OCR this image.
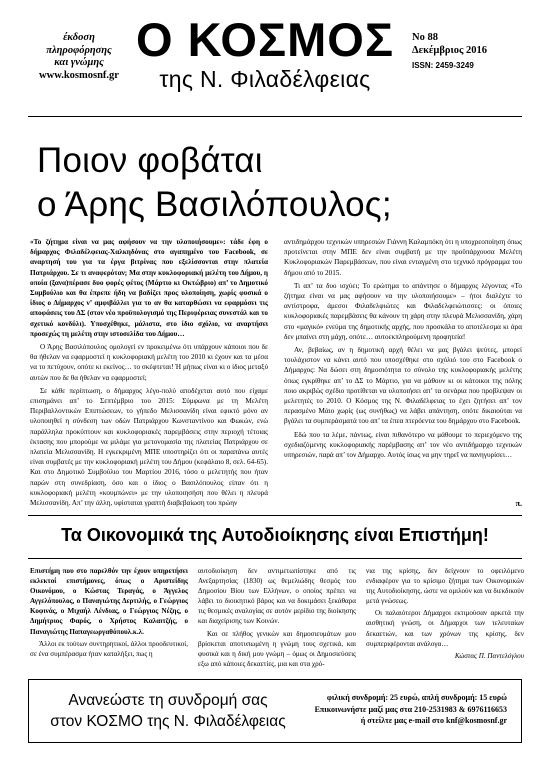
έκδοση
πληροφόρησης
και γνώμης
www.kosmosnf.gr
Ο ΚΟΣΜΟΣ
της Ν. Φιλαδέλφειας
Νο 88
Δεκέμβριος 2016
ISSN: 2459-3249
Ποιον φοβάται
ο Άρης Βασιλόπουλος;

«Το ζήτημα είναι να μας αφήσουν να την υλοποιήσουμε»: τάδε έφη ο δήμαρχος Φιλαδέλφειας-Χαλκηδόνας στο αγαπημένο του Facebook, σε αναρτησή του για τα έργα βιτρίνας που εξελίσσονται στην πλατεία Πατριάρχου. Σε τι αναφερόταν; Μα στην κυκλοφοριακή μελέτη του Δήμου, η οποία (ξανα)πέρασε δυο φορές φέτος (Μάρτιο κι Οκτώβριο) απ’ το Δημοτικό Συμβούλιο και θα έπρεπε ήδη να βαδίζει προς υλοποίηση, χωρίς φυσικά ο ίδιος ο Δήμαρχος ν’ αμφιβάλλει για το αν θα καταρθώσει να εφαρμόσει τις αποφάσεις του ΔΣ (στον νέο προϋπολογισμό της Περιφέρειας συνεστάλ και το σχετικό κονδύλι). Υποσχέθηκε, μάλιστα, στο ίδιο σχόλιο, να αναρτήσει προσεχώς τη μελέτη στην ιστοσελίδα του Δήμου…

Ο Άρης Βασιλόπουλος ομολογεί εν προκειμένω ότι υπάρχουν κάποιοι που δε θα ήθελαν να εφαρμοστεί η κυκλοφοριακή μελέτη του 2010 κι έχουν και τα μέσα να το πετύχουν, οπότε κι εκείνος… το σκέφτεται! Ή μήπως είναι κι ο ίδιος μεταξύ αυτών που δε θα ήθελαν να εφαρμοστεί;

Σε κάθε περίπτωση, ο δήμαρχος λέγο-πολύ αποδέχεται αυτό που είχαμε επισημάνει απ’ το Σεπτέμβριο του 2015: Σύμφωνα με τη Μελέτη Περιβαλλοντικών Επιπτώσεων, το γήπεδο Μελισσανίδη είναι εφικτό μόνο αν υλοποιηθεί η σύνδεση των οδών Πατριάρχου Κωνσταντίνου και Φωκών, ενώ παράλληλα προκύπτουν και κυκλοφοριακές παρεμβάσεις στην περιοχή τέτοιας έκτασης που μπορούμε να μιλάμε για μετονομασία της πλατείας Πατριάρχου σε πλατεία Μελισσανίδη. Η εγκεκριμένη ΜΠΕ υποστηρίζει ότι οι παραπάνω αυτές είναι συμβατές με την κυκλοφοριακή μελέτη του Δήμου (κεφάλαιο 8, σελ. 64-65). Και στο Δημοτικό Συμβούλιο του Μαρτίου 2016, τόσο ο μελετητής που ήταν παρών στη συνεδρίαση, όσο και ο ίδιος ο Βασιλόπουλος είπαν ότι η κυκλοφοριακή μελέτη «κουμπώνει» με την υλοποιησήση που θέλει η πλευρά Μελισσανίδη. Απ’ την άλλη, υφίσταται γραπτή διαβεβαίωση του πρώην

αντιδημάρχου τεχνικών υπηρεσιών Γιάννη Καλαμπόκη ότι η υποχρεοποίηση όπως προτείνεται στην ΜΠΕ δεν είναι συμβατή με την προϋπάρχουσα Μελέτη Κυκλοφοριακών Παρεμβάσεων, που είναι ενταγμένη στο τεχνικό πρόγραμμα του δήμου από το 2015.

Τι απ’ τα δυο ισχύει; Το ερώτημα το απάντησε ο δήμαρχος λέγοντας «Το ζήτημα είναι να μας αφήσουν να την υλοποιήσουμε» – ήτοι διαλέχτε το αντίστροφα, άμεσοι Φιλαδελφιώτες και Φιλαδελφειώτισσες: οι όποιες κυκλοφοριακές παρεμβάσεις θα κάνουν τη χάρη στην πλευρά Μελισσανίδη, χάρη στο «μαγικό» ενεύμα της δημοτικής αρχής, που προσκάλα το αποτέλεσμα κι άρα δεν μπαίνει στη μάχη, οπότε… αυτοεκπληρούμενη προφητεία!

Αν, βεβαίως, αν η δημοτική αρχή θέλει να μας βγάλει ψεύτες, μπορεί τουλάχιστον να κάνει αυτό που υποσχέθηκε στο σχόλιό του στο Facebook ο Δήμαρχος: Να δώσει στη δημοσιότητα το σύνολο της κυκλοφοριακής μελέτης όπως εγκρίθηκε απ’ το ΔΣ το Μάρτιο, για να μάθουν κι οι κάτοικοι της πόλης ποιο ακριβώς σχέδιο προτίθεται να υλοποιήσει απ’ τα σενάρια που προβλεψαν οι μελετητές το 2010. Ο Κόσμος της Ν. Φιλαδέλφειας το έχει ζητήσει απ’ τον περασμένο Μάιο χωρίς (ως συνήθως) να λάβει απάντηση, οπότε δικαιούται να βγάλει τα συμπεράσματά του απ’ τα έπεα πτερόεντα του δημάρχου στο Facebook.

Εδώ που τα λέμε, πάντως, είναι πιθανότερο να μάθουμε το περιεχόμενο της σχεδιαζόμενης κυκλοφοριακής παρέμβασης απ’ τον νέο αντιδήμαρχο τεχνικών υπηρεσιών, παρά απ’ τον Δήμαρχο. Αυτός ίσως να μην τηρεῖ να πανηγυρίσει…

π.
Τα Οικονομικά της Αυτοδιοίκησης είναι Επιστήμη!

Επιστήμη που στο παρελθόν την έχουν υπηρετήσει εκλεκτοί επιστήμονες, όπως ο Αριστείδης Οικονόμου, ο Κώστας Τεραγάς, ο Άγγελος Αγγελόπουλος, ο Παναγιώτης Δερτιλής, ο Γεώργιος Κοφινάς, ο Μιχαήλ Λένδιας, ο Γεώργιος Νέζης, ο Δημήτριος Φαρός, ο Χρήστος Καλαιτζής, ο Παναγιώτης Παπαγεωργαθόπουλ.κ.λ.

Άλλοι εκ τούτων συντηρητικοί, άλλοι προοδευτικοί, σε ένα συμπέρασμα ήταν καταλήξει, πως η

αυτοδιοίκηση δεν αντιμετωπίστηκε από τις Ανεξαρτησίας (1830) ως θεμελιώδης θεσμός του Δημοσίου Βίου των Ελλήνων, ο οποίος πρέπει να λάβει το διοικητικό βάρος και να δοκιμάσει ξεκάθαρα τις θεσμικές αναλογίας σε αυτόν μερίδιο της διοίκησης και διαχείρισης των Κοινών.

Και σε πλήθος γενικών και δημοσιευμάτων μου βρίσκεται αποτυπωμένη η γνώμη τους σχετικά, και φυσικά και η δική μου γνώμη – όμως οι Δημοσιεύσεις εξω από κάποιες δεκαετίες, μια και στα χρό-

νια της κρίσης, δεν δείχνουν το οφειλόμενο ενδιαφέρον για το κρίσιμο ζήτημα των Οικονομικών της Αυτοδιοίκησης, ώστε να ομιλούν και να διεκδικούν μετά γνώσεως.

Οι παλαιότεροι Δήμαρχοι εκτιμούσαν αρκετά την αισθητική γνώση, οι Δήμαρχοι των τελευταίων δεκαετιών, και των χρόνων της κρίσης, δεν συμπεριφέρονται ανάλογα…

Κώστας Π. Παντελόγλου

Ανανεώστε τη συνδρομή σας
στον ΚΟΣΜΟ της Ν. Φιλαδέλφειας
φιλική συνδρομή: 25 ευρώ, απλή συνδρομή: 15 ευρώ
Επικοινωνήστε μαζί μας στα 210-2531983 & 6976116653
ή στείλτε μας e-mail στο knf@kosmosnf.gr
